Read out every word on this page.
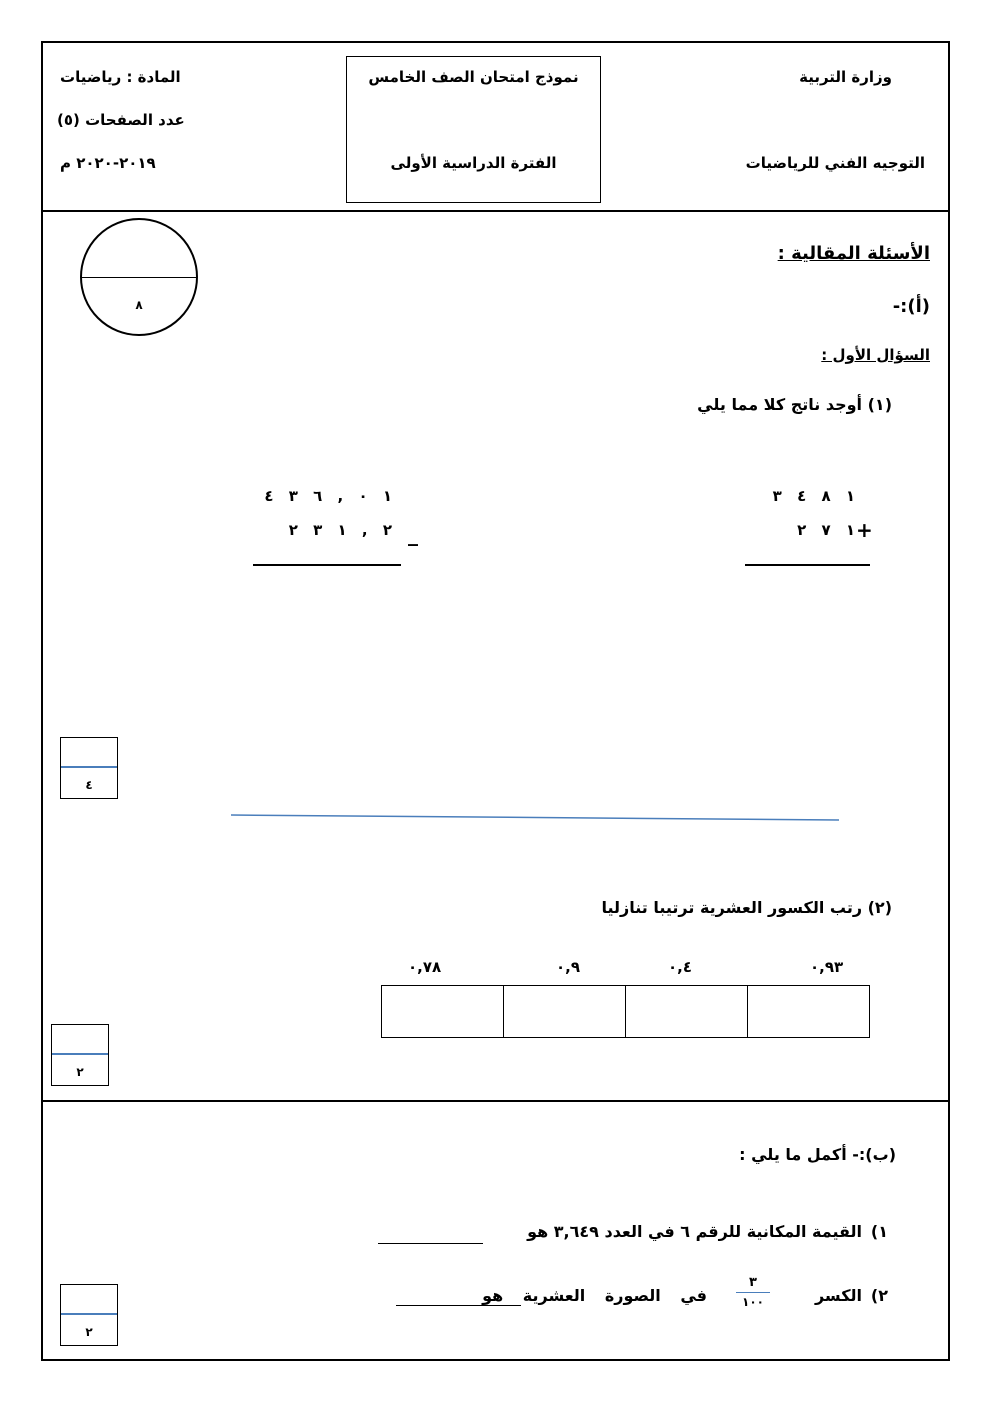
وزارة التربية
التوجيه الفني للرياضيات
نموذج امتحان الصف الخامس
الفترة الدراسية الأولى
المادة : رياضيات
عدد الصفحات (٥)
٢٠١٩-٢٠٢٠ م
٨
الأسئلة المقالية :
(أ):-
السؤال الأول :
(١) أوجد ناتج كلا مما يلي
١ ٨ ٤ ٣
١ ٧ ٢ +
١ ٠ , ٦ ٣ ٤
٢ , ١ ٣ ٢ _
٤
(٢) رتب الكسور العشرية ترتيبا تنازليا
٠,٩٣
٠,٤
٠,٩
٠,٧٨
٢
(ب):- أكمل ما يلي :
القيمة المكانية للرقم ٦ في العدد ٣,٦٤٩ هو ١)
٢)
الكسر
٣
١٠٠
في الصورة العشرية هو
٢
